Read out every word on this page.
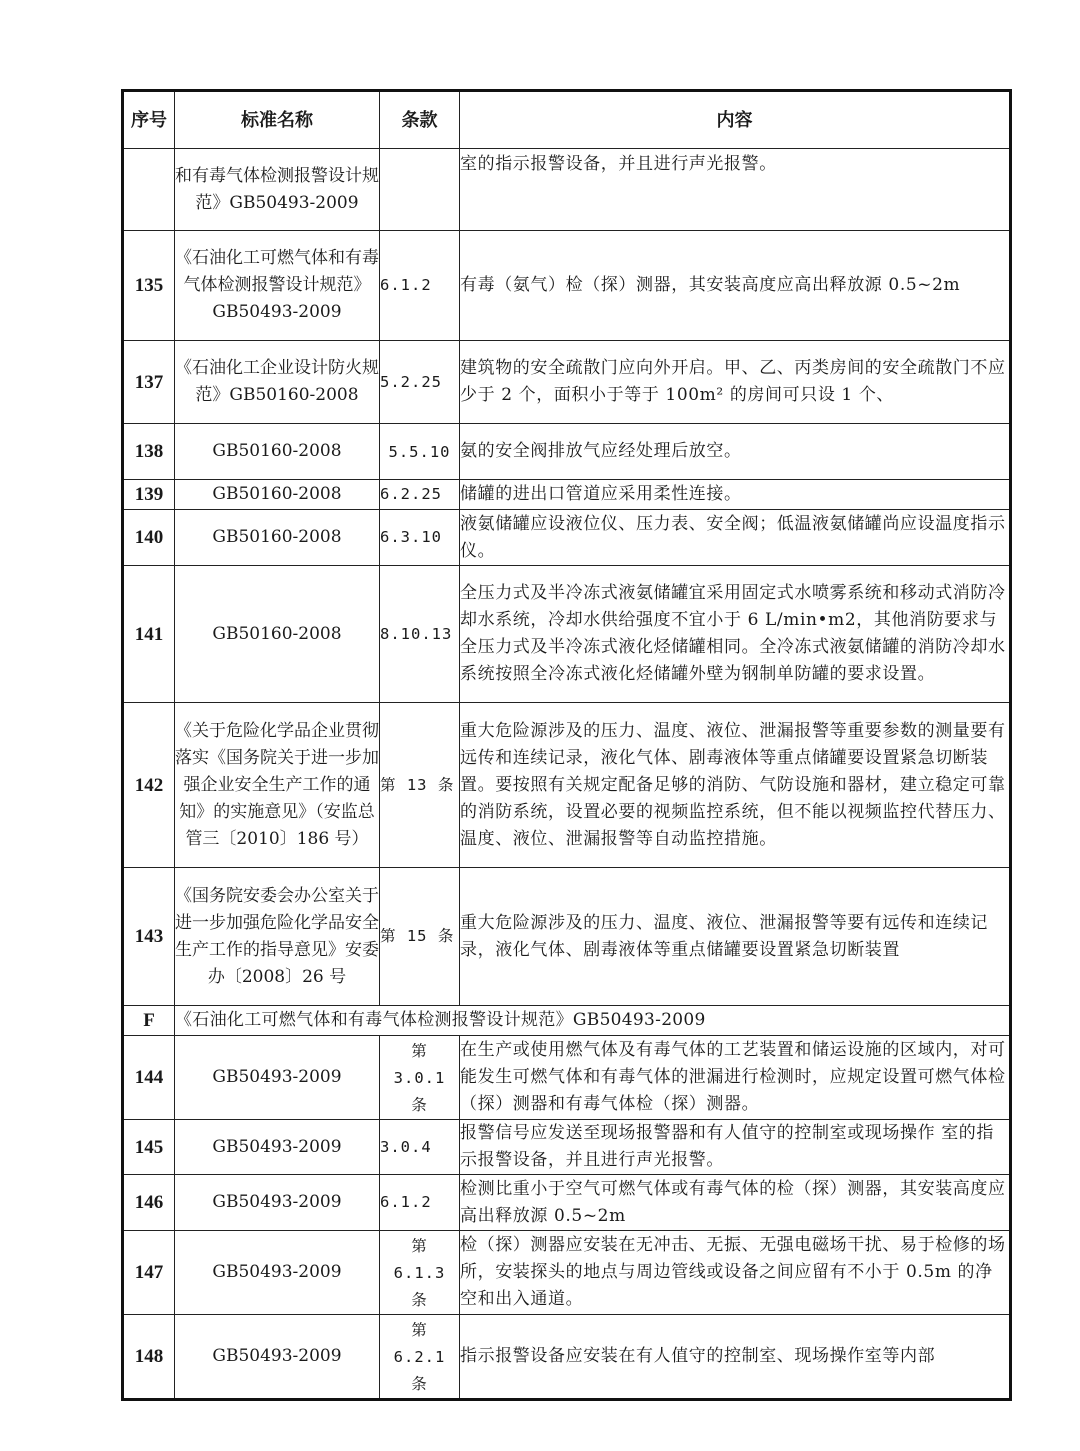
序号	标准名称	条款	内容
	和有毒气体检测报警设计规范》GB50493-2009		室的指示报警设备，并且进行声光报警。
135	《石油化工可燃气体和有毒气体检测报警设计规范》GB50493-2009	6.1.2	有毒（氨气）检（探）测器，其安装高度应高出释放源 0.5~2m
137	《石油化工企业设计防火规范》GB50160-2008	5.2.25	建筑物的安全疏散门应向外开启。甲、乙、丙类房间的安全疏散门不应少于 2 个，面积小于等于 100m² 的房间可只设 1 个、
138	GB50160-2008	5.5.10	氨的安全阀排放气应经处理后放空。
139	GB50160-2008	6.2.25	储罐的进出口管道应采用柔性连接。
140	GB50160-2008	6.3.10	液氨储罐应设液位仪、压力表、安全阀；低温液氨储罐尚应设温度指示仪。
141	GB50160-2008	8.10.13	全压力式及半冷冻式液氨储罐宜采用固定式水喷雾系统和移动式消防冷却水系统，冷却水供给强度不宜小于 6 L/min•m2，其他消防要求与全压力式及半冷冻式液化烃储罐相同。全冷冻式液氨储罐的消防冷却水系统按照全冷冻式液化烃储罐外壁为钢制单防罐的要求设置。
142	《关于危险化学品企业贯彻落实《国务院关于进一步加强企业安全生产工作的通知》的实施意见》（安监总管三〔2010〕186 号）	第 13 条	重大危险源涉及的压力、温度、液位、泄漏报警等重要参数的测量要有远传和连续记录，液化气体、剧毒液体等重点储罐要设置紧急切断装置。要按照有关规定配备足够的消防、气防设施和器材，建立稳定可靠的消防系统，设置必要的视频监控系统，但不能以视频监控代替压力、温度、液位、泄漏报警等自动监控措施。
143	《国务院安委会办公室关于进一步加强危险化学品安全生产工作的指导意见》安委办〔2008〕26 号	第 15 条	重大危险源涉及的压力、温度、液位、泄漏报警等要有远传和连续记录，液化气体、剧毒液体等重点储罐要设置紧急切断装置
F	《石油化工可燃气体和有毒气体检测报警设计规范》GB50493-2009		
144	GB50493-2009	第 3.0.1 条	在生产或使用燃气体及有毒气体的工艺装置和储运设施的区域内，对可能发生可燃气体和有毒气体的泄漏进行检测时，应规定设置可燃气体检（探）测器和有毒气体检（探）测器。
145	GB50493-2009	3.0.4	报警信号应发送至现场报警器和有人值守的控制室或现场操作 室的指示报警设备，并且进行声光报警。
146	GB50493-2009	6.1.2	检测比重小于空气可燃气体或有毒气体的检（探）测器，其安装高度应高出释放源 0.5~2m
147	GB50493-2009	第 6.1.3 条	检（探）测器应安装在无冲击、无振、无强电磁场干扰、易于检修的场所，安装探头的地点与周边管线或设备之间应留有不小于 0.5m 的净空和出入通道。
148	GB50493-2009	第 6.2.1 条	指示报警设备应安装在有人值守的控制室、现场操作室等内部
